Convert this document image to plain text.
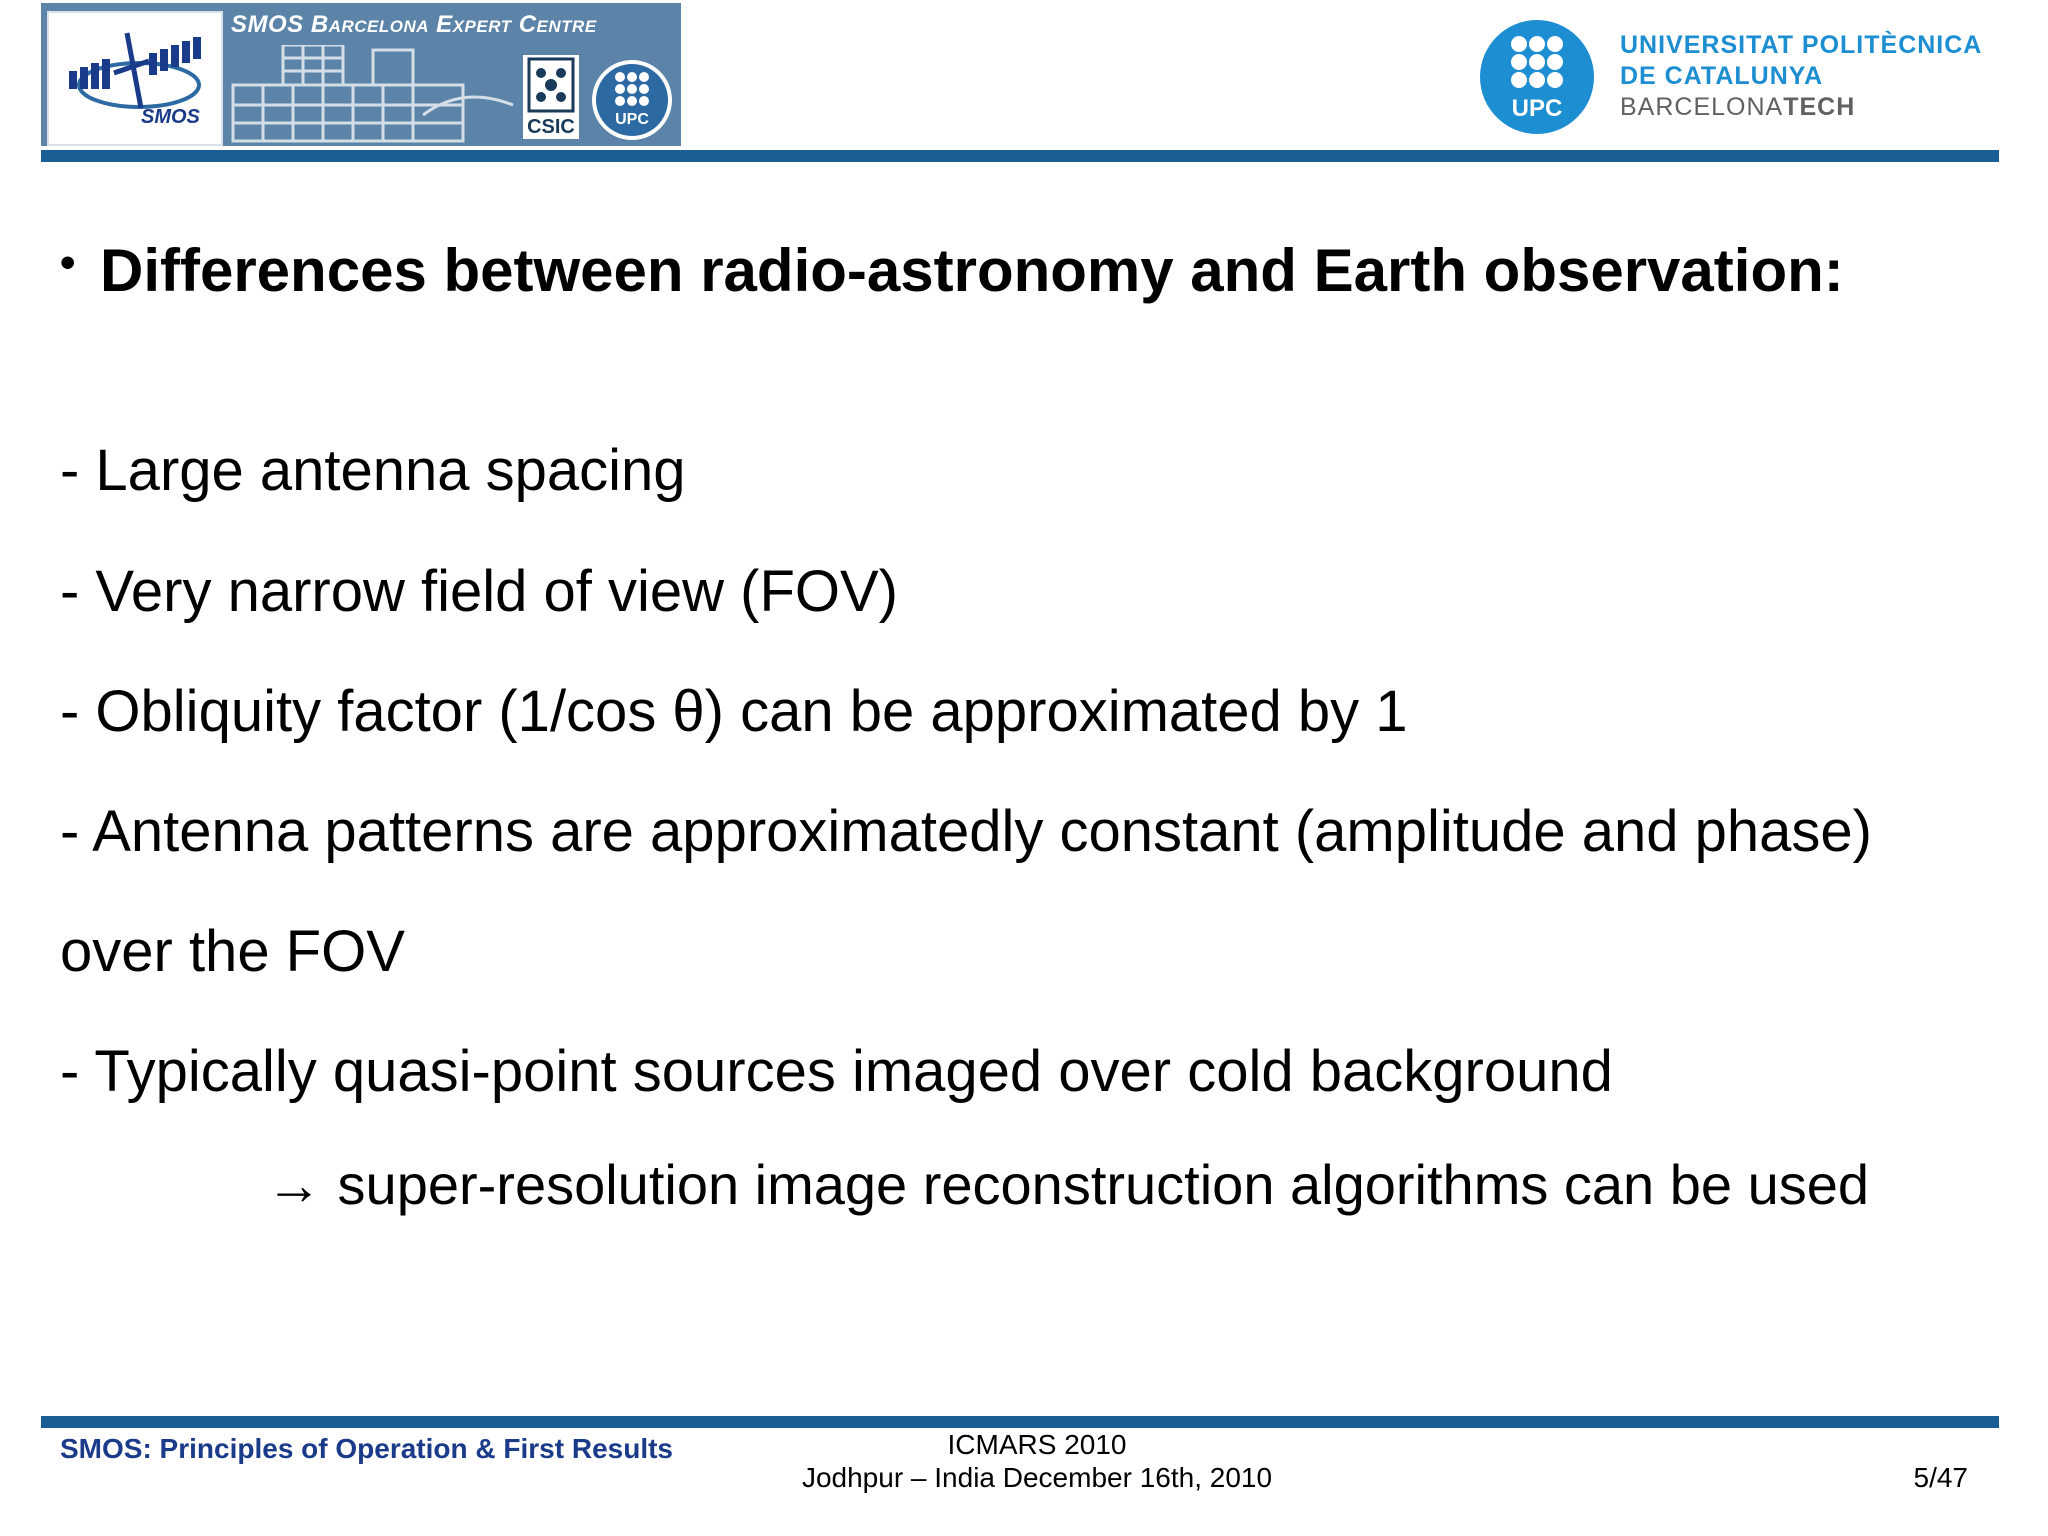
SMOS
SMOS Barcelona Expert Centre
CSIC	UPC	UPC
UNIVERSITAT POLITÈCNICA
DE CATALUNYA
BARCELONATECH
• Differences between radio-astronomy and Earth observation:
- Large antenna spacing
- Very narrow field of view (FOV)
- Obliquity factor (1/cos θ) can be approximated by 1
- Antenna patterns are approximatedly constant (amplitude and phase)
over the FOV
- Typically quasi-point sources imaged over cold background
→ super-resolution image reconstruction algorithms can be used
SMOS: Principles of Operation & First Results	ICMARS 2010
Jodhpur – India December 16th, 2010	5/47
